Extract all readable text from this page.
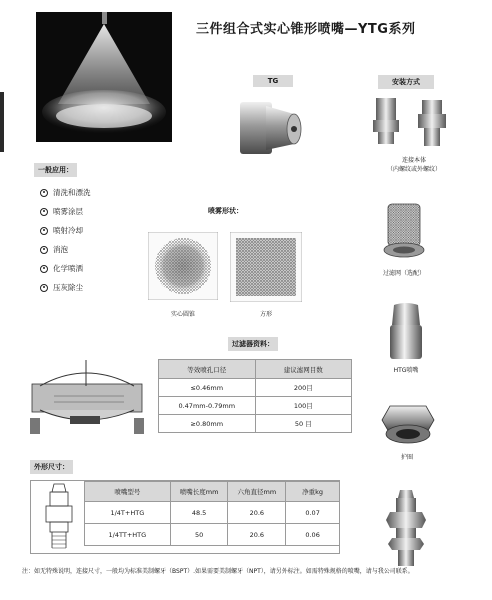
三件组合式实心锥形喷嘴—YTG系列
TG	安装方式
连接本体
（内螺纹或外螺纹）
一般应用：
清洗和漂洗
喷雾涂层
喷射冷却
消泡
化学喷洒
压灰除尘
喷雾形状：
实心圆锥	方形
过滤网（选配）
HTG喷嘴
护圈
过滤器资料：
等效喷孔口径	建议滤网目数
≤0.46mm	200目
0.47mm-0.79mm	100目
≥0.80mm	50 目
外形尺寸：
喷嘴型号	喷嘴长度mm	六角直径mm	净重kg
1/4T+HTG	48.5	20.6	0.07
1/4TT+HTG	50	20.6	0.06
注：如无特殊说明，连接尺寸，一般均为标准美制螺牙（BSPT）.如果需要美制螺牙（NPT），请另外标注。如需特殊规格的喷嘴，请与我公司联系。
